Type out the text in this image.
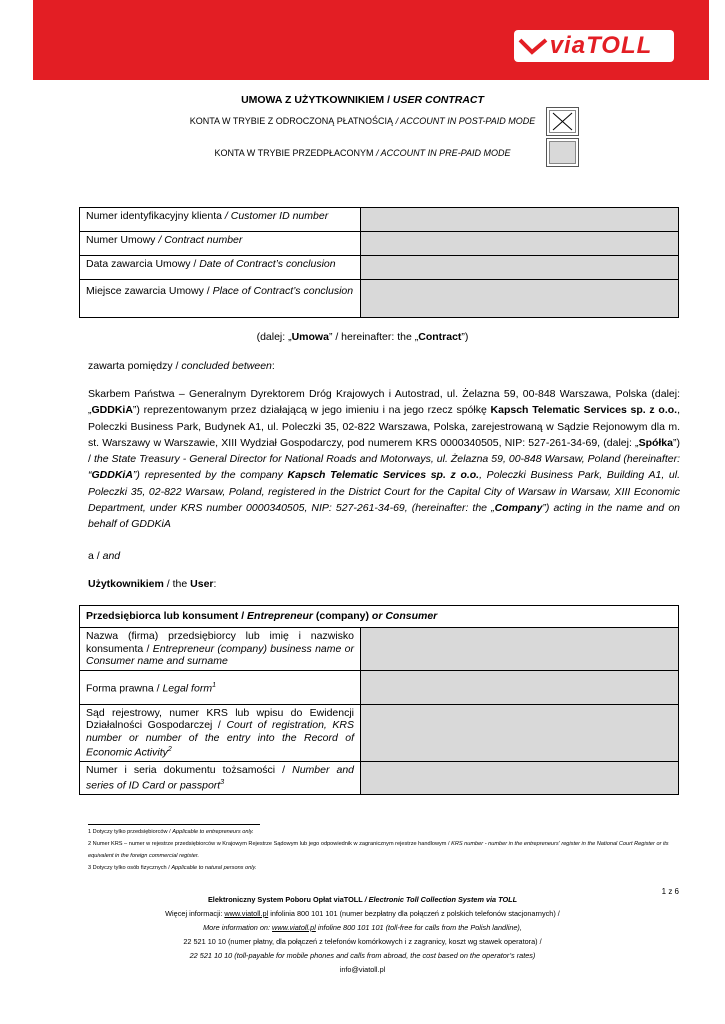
viaTOLL
UMOWA Z UŻYTKOWNIKIEM / USER CONTRACT
KONTA W TRYBIE Z ODROCZONĄ PŁATNOŚCIĄ / ACCOUNT IN POST-PAID MODE
KONTA W TRYBIE PRZEDPŁACONYM / ACCOUNT IN PRE-PAID MODE
Numer identyfikacyjny klienta / Customer ID number	
Numer Umowy / Contract number	
Data zawarcia Umowy / Date of Contract’s conclusion	
Miejsce zawarcia Umowy / Place of Contract’s conclusion	
(dalej: „Umowa” / hereinafter: the „Contract”)
zawarta pomiędzy / concluded between:
Skarbem Państwa – Generalnym Dyrektorem Dróg Krajowych i Autostrad, ul. Żelazna 59, 00-848 Warszawa, Polska (dalej: „GDDKiA”) reprezentowanym przez działającą w jego imieniu i na jego rzecz spółkę Kapsch Telematic Services sp. z o.o., Poleczki Business Park, Budynek A1, ul. Poleczki 35, 02-822 Warszawa, Polska, zarejestrowaną w Sądzie Rejonowym dla m. st. Warszawy w Warszawie, XIII Wydział Gospodarczy, pod numerem KRS 0000340505, NIP: 527-261-34-69, (dalej: „Spółka”) / the State Treasury - General Director for National Roads and Motorways, ul. Żelazna 59, 00-848 Warsaw, Poland (hereinafter: “GDDKiA”) represented by the company Kapsch Telematic Services sp. z o.o., Poleczki Business Park, Building A1, ul. Poleczki 35, 02-822 Warsaw, Poland, registered in the District Court for the Capital City of Warsaw in Warsaw, XIII Economic Department, under KRS number 0000340505, NIP: 527-261-34-69, (hereinafter: the „Company”) acting in the name and on behalf of GDDKiA
a / and
Użytkownikiem / the User:
Przedsiębiorca lub konsument / Entrepreneur (company) or Consumer	
Nazwa (firma) przedsiębiorcy lub imię i nazwisko konsumenta / Entrepreneur (company) business name or Consumer name and surname	
Forma prawna / Legal form$^1$	
Sąd rejestrowy, numer KRS lub wpisu do Ewidencji Działalności Gospodarczej / Court of registration, KRS number or number of the entry into the Record of Economic Activity$^2$	
Numer i seria dokumentu tożsamości / Number and series of ID Card or passport$^3$	
1 Dotyczy tylko przedsiębiorców / Applicable to entrepreneurs only.
2 Numer KRS – numer w rejestrze przedsiębiorców w Krajowym Rejestrze Sądowym lub jego odpowiednik w zagranicznym rejestrze handlowym / KRS number - number in the entrepreneurs' register in the National Court Register or its equivalent in the foreign commercial register.
3 Dotyczy tylko osób fizycznych / Applicable to natural persons only.
1 z 6
Elektroniczny System Poboru Opłat viaTOLL / Electronic Toll Collection System via TOLL
Więcej informacji: www.viatoll.pl infolinia 800 101 101 (numer bezpłatny dla połączeń z polskich telefonów stacjonarnych) /
More information on: www.viatoll.pl infoline 800 101 101 (toll-free for calls from the Polish landline),
22 521 10 10 (numer płatny, dla połączeń z telefonów komórkowych i z zagranicy, koszt wg stawek operatora) /
22 521 10 10 (toll-payable for mobile phones and calls from abroad, the cost based on the operator’s rates)
info@viatoll.pl
